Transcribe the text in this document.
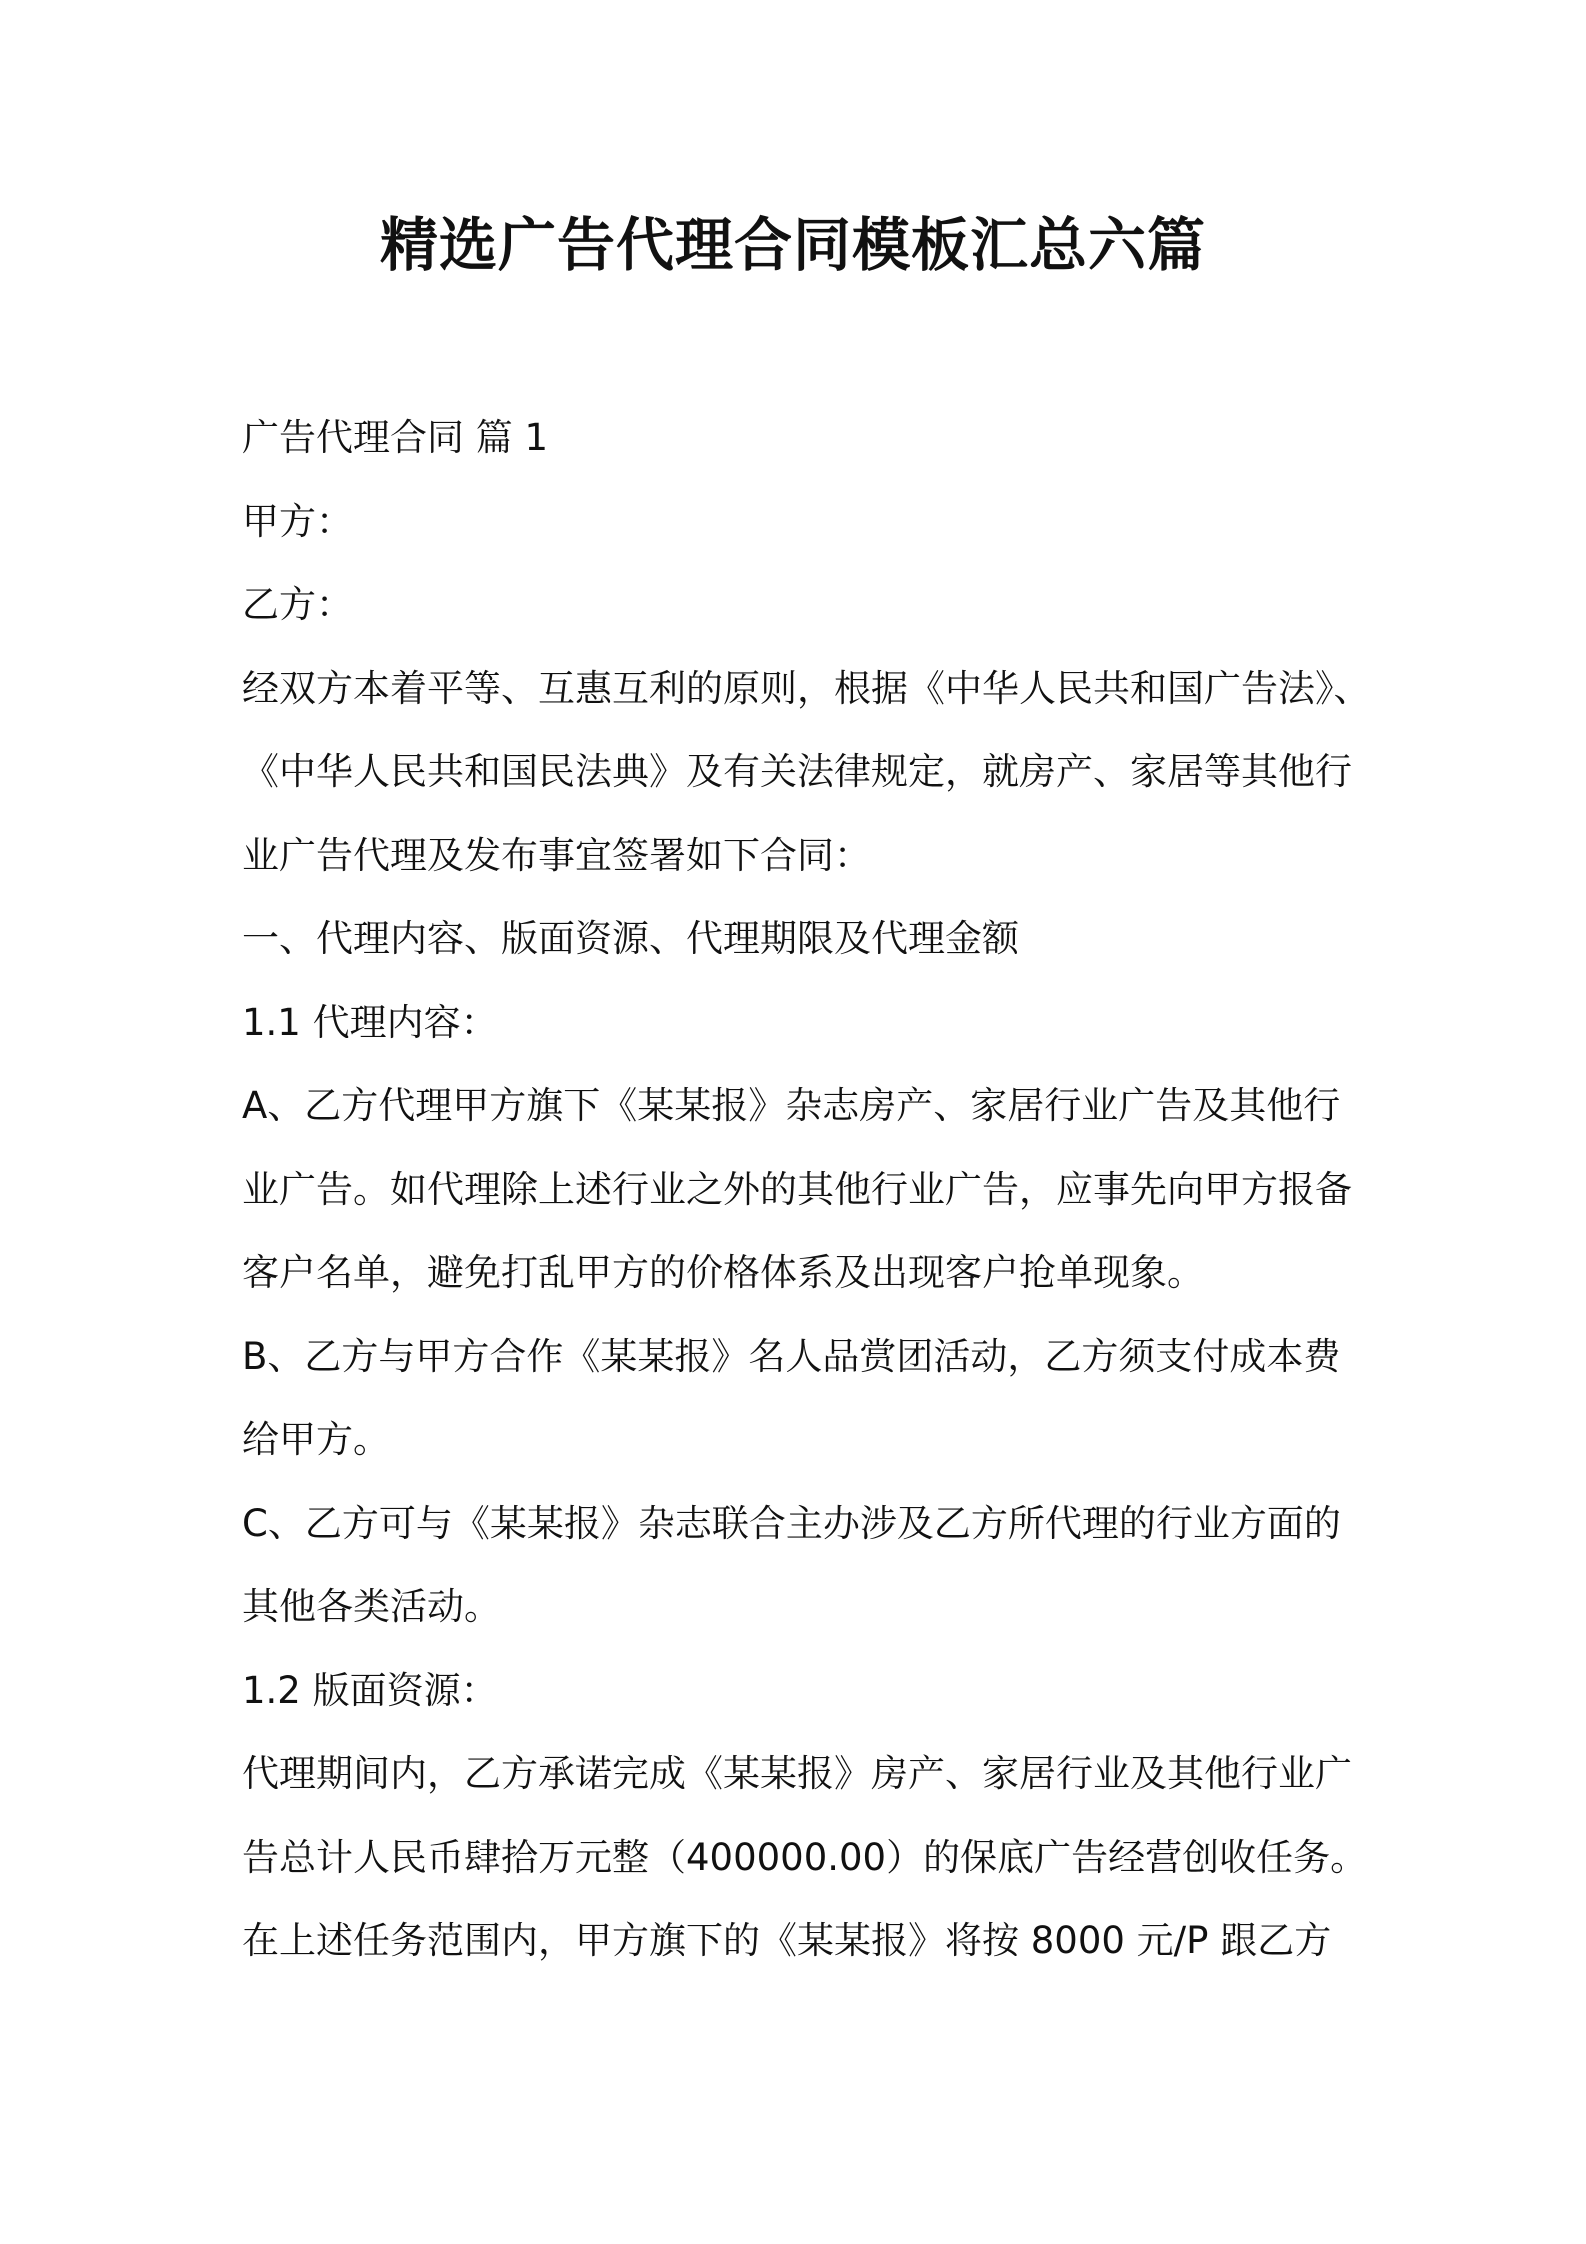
精选广告代理合同模板汇总六篇

广告代理合同 篇 1

甲方：

乙方：

经双方本着平等、互惠互利的原则，根据《中华人民共和国广告法》、

《中华人民共和国民法典》及有关法律规定，就房产、家居等其他行

业广告代理及发布事宜签署如下合同：

一、代理内容、版面资源、代理期限及代理金额

1.1 代理内容：

A、乙方代理甲方旗下《某某报》杂志房产、家居行业广告及其他行

业广告。如代理除上述行业之外的其他行业广告，应事先向甲方报备

客户名单，避免打乱甲方的价格体系及出现客户抢单现象。

B、乙方与甲方合作《某某报》名人品赏团活动，乙方须支付成本费

给甲方。

C、乙方可与《某某报》杂志联合主办涉及乙方所代理的行业方面的

其他各类活动。

1.2 版面资源：

代理期间内，乙方承诺完成《某某报》房产、家居行业及其他行业广

告总计人民币肆拾万元整（400000.00）的保底广告经营创收任务。

在上述任务范围内，甲方旗下的《某某报》将按 8000 元/P 跟乙方
